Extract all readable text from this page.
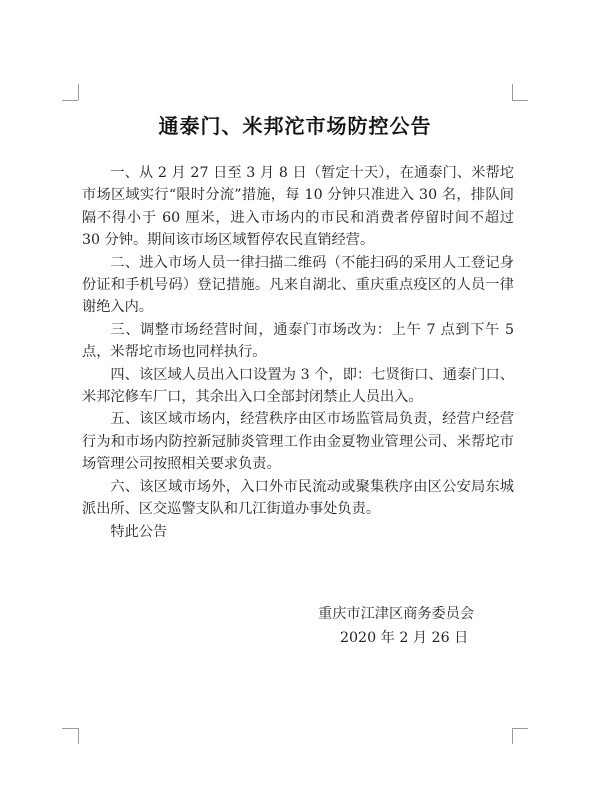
通泰门、米邦沱市场防控公告

一、从 2 月 27 日至 3 月 8 日（暂定十天），在通泰门、米帮坨市场区域实行“限时分流”措施，每 10 分钟只准进入 30 名，排队间隔不得小于 60 厘米，进入市场内的市民和消费者停留时间不超过 30 分钟。期间该市场区域暂停农民直销经营。

二、进入市场人员一律扫描二维码（不能扫码的采用人工登记身份证和手机号码）登记措施。凡来自湖北、重庆重点疫区的人员一律谢绝入内。

三、调整市场经营时间，通泰门市场改为：上午 7 点到下午 5 点，米帮坨市场也同样执行。

四、该区域人员出入口设置为 3 个，即：七贤街口、通泰门口、米邦沱修车厂口，其余出入口全部封闭禁止人员出入。

五、该区域市场内，经营秩序由区市场监管局负责，经营户经营行为和市场内防控新冠肺炎管理工作由金夏物业管理公司、米帮坨市场管理公司按照相关要求负责。

六、该区域市场外，入口外市民流动或聚集秩序由区公安局东城派出所、区交巡警支队和几江街道办事处负责。

特此公告

重庆市江津区商务委员会
2020 年 2 月 26 日
